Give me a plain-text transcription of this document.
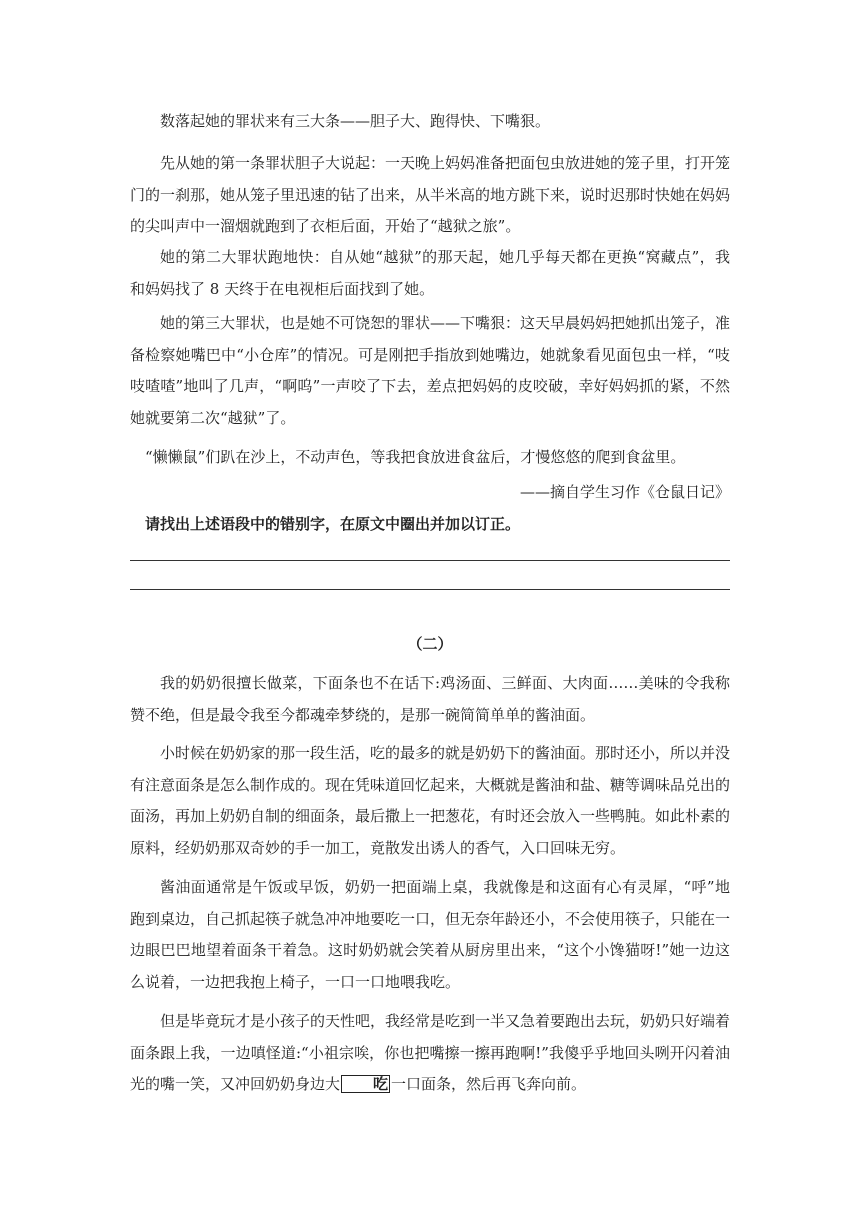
数落起她的罪状来有三大条——胆子大、跑得快、下嘴狠。

先从她的第一条罪状胆子大说起：一天晚上妈妈准备把面包虫放进她的笼子里，打开笼门的一刹那，她从笼子里迅速的钻了出来，从半米高的地方跳下来，说时迟那时快她在妈妈的尖叫声中一溜烟就跑到了衣柜后面，开始了“越狱之旅”。

她的第二大罪状跑地快：自从她“越狱”的那天起，她几乎每天都在更换“窝藏点”，我和妈妈找了 8 天终于在电视柜后面找到了她。

她的第三大罪状，也是她不可饶恕的罪状——下嘴狠：这天早晨妈妈把她抓出笼子，准备检察她嘴巴中“小仓库”的情况。可是刚把手指放到她嘴边，她就象看见面包虫一样，“吱吱喳喳”地叫了几声，“啊呜”一声咬了下去，差点把妈妈的皮咬破，幸好妈妈抓的紧，不然她就要第二次“越狱”了。

“懒懒鼠”们趴在沙上，不动声色，等我把食放进食盆后，才慢悠悠的爬到食盆里。

——摘自学生习作《仓鼠日记》

请找出上述语段中的错别字，在原文中圈出并加以订正。

（二）

我的奶奶很擅长做菜，下面条也不在话下:鸡汤面、三鲜面、大肉面……美味的令我称赞不绝，但是最令我至今都魂牵梦绕的，是那一碗简简单单的酱油面。

小时候在奶奶家的那一段生活，吃的最多的就是奶奶下的酱油面。那时还小，所以并没有注意面条是怎么制作成的。现在凭味道回忆起来，大概就是酱油和盐、糖等调味品兑出的面汤，再加上奶奶自制的细面条，最后撒上一把葱花，有时还会放入一些鸭肫。如此朴素的原料，经奶奶那双奇妙的手一加工，竟散发出诱人的香气，入口回味无穷。

酱油面通常是午饭或早饭，奶奶一把面端上桌，我就像是和这面有心有灵犀，“呼”地跑到桌边，自己抓起筷子就急冲冲地要吃一口，但无奈年龄还小，不会使用筷子，只能在一边眼巴巴地望着面条干着急。这时奶奶就会笑着从厨房里出来，“这个小馋猫呀!”她一边这么说着，一边把我抱上椅子，一口一口地喂我吃。

但是毕竟玩才是小孩子的天性吧，我经常是吃到一半又急着要跑出去玩，奶奶只好端着面条跟上我，一边嗔怪道:“小祖宗唉，你也把嘴擦一擦再跑啊!”我傻乎乎地回头咧开闪着油光的嘴一笑，又冲回奶奶身边大 吃 一口面条，然后再飞奔向前。
